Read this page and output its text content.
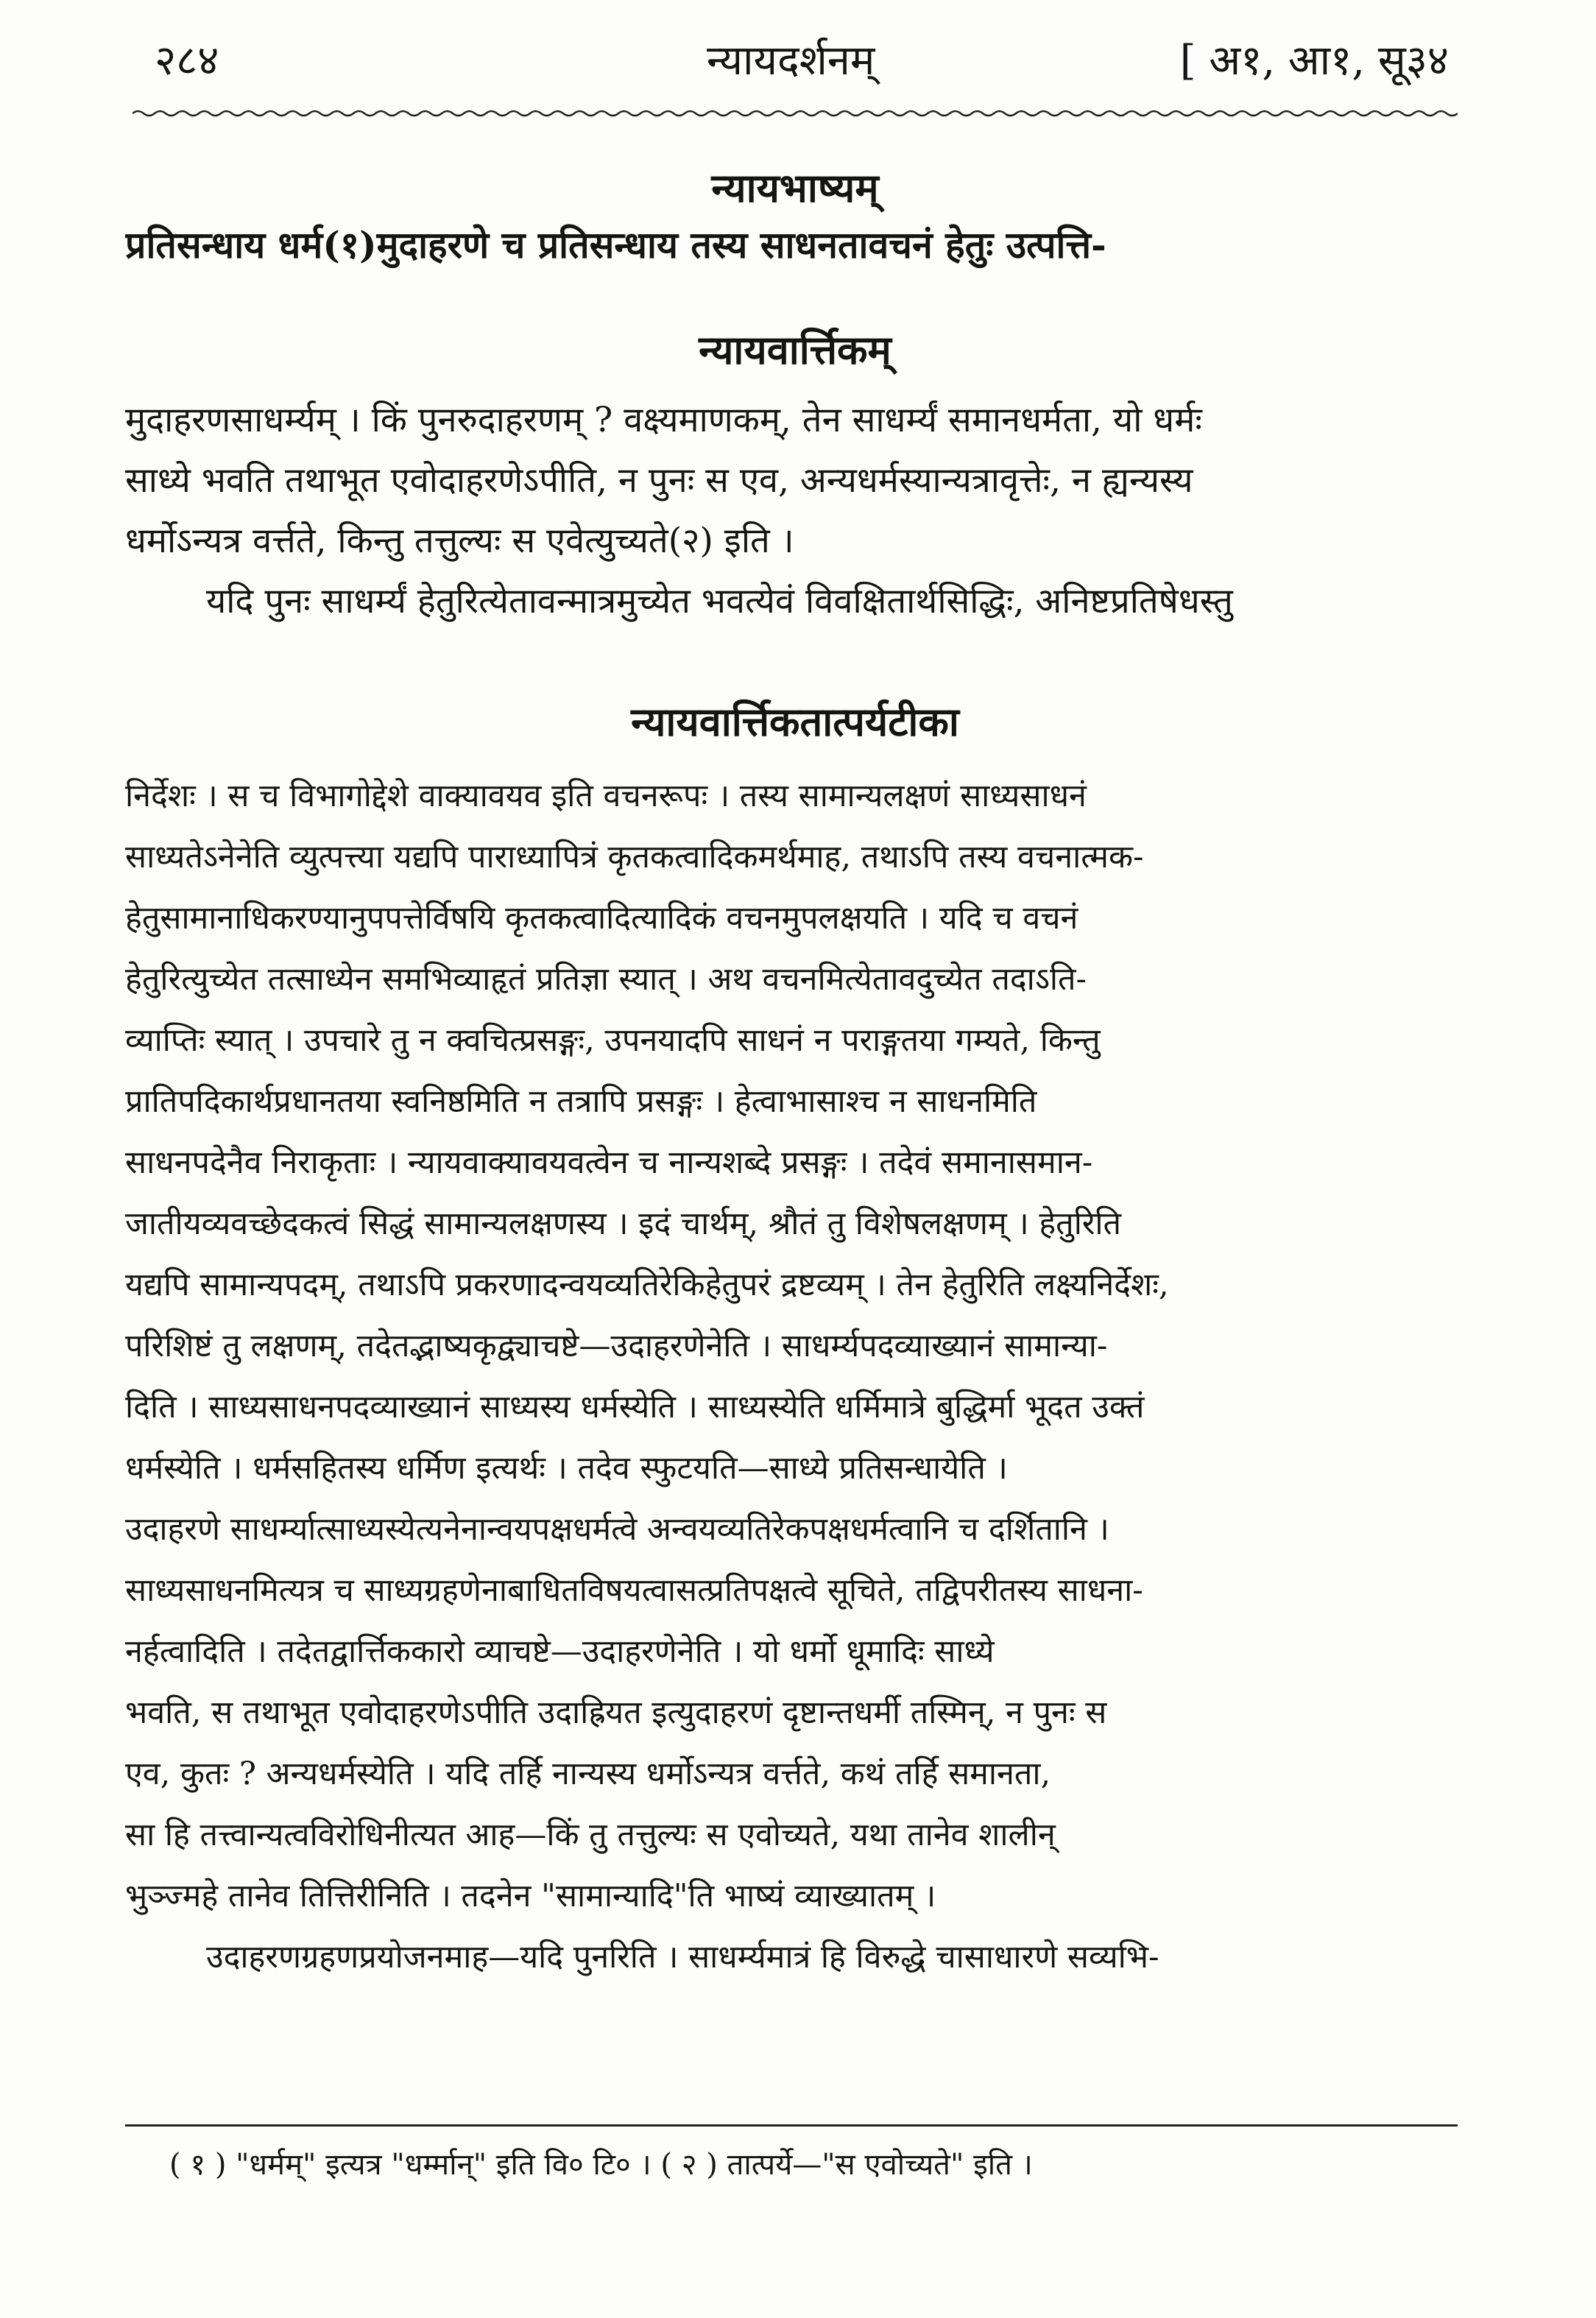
२८४	न्यायदर्शनम्	[ अ१, आ१, सू३४
न्यायभाष्यम्
प्रतिसन्धाय धर्म(१)मुदाहरणे च प्रतिसन्धाय तस्य साधनतावचनं हेतुः उत्पत्ति-
न्यायवार्त्तिकम्
मुदाहरणसाधर्म्यम् । किं पुनरुदाहरणम् ? वक्ष्यमाणकम्, तेन साधर्म्यं समानधर्मता, यो धर्मः
साध्ये भवति तथाभूत एवोदाहरणेऽपीति, न पुनः स एव, अन्यधर्मस्यान्यत्रावृत्तेः, न ह्यन्यस्य
धर्मोऽन्यत्र वर्त्तते, किन्तु तत्तुल्यः स एवेत्युच्यते(२) इति ।
यदि पुनः साधर्म्यं हेतुरित्येतावन्मात्रमुच्येत भवत्येवं विवक्षितार्थसिद्धिः, अनिष्टप्रतिषेधस्तु
न्यायवार्त्तिकतात्पर्यटीका
निर्देशः । स च विभागोद्देशे वाक्यावयव इति वचनरूपः । तस्य सामान्यलक्षणं साध्यसाधनं
साध्यतेऽनेनेति व्युत्पत्त्या यद्यपि पाराध्यापित्रं कृतकत्वादिकमर्थमाह, तथाऽपि तस्य वचनात्मक-
हेतुसामानाधिकरण्यानुपपत्तेर्विषयि कृतकत्वादित्यादिकं वचनमुपलक्षयति । यदि च वचनं
हेतुरित्युच्येत तत्साध्येन समभिव्याहृतं प्रतिज्ञा स्यात् । अथ वचनमित्येतावदुच्येत तदाऽति-
व्याप्तिः स्यात् । उपचारे तु न क्वचित्प्रसङ्गः, उपनयादपि साधनं न पराङ्गतया गम्यते, किन्तु
प्रातिपदिकार्थप्रधानतया स्वनिष्ठमिति न तत्रापि प्रसङ्गः । हेत्वाभासाश्च न साधनमिति
साधनपदेनैव निराकृताः । न्यायवाक्यावयवत्वेन च नान्यशब्दे प्रसङ्गः । तदेवं समानासमान-
जातीयव्यवच्छेदकत्वं सिद्धं सामान्यलक्षणस्य । इदं चार्थम्, श्रौतं तु विशेषलक्षणम् । हेतुरिति
यद्यपि सामान्यपदम्, तथाऽपि प्रकरणादन्वयव्यतिरेकिहेतुपरं द्रष्टव्यम् । तेन हेतुरिति लक्ष्यनिर्देशः,
परिशिष्टं तु लक्षणम्, तदेतद्भाष्यकृद्व्याचष्टे—उदाहरणेनेति । साधर्म्यपदव्याख्यानं सामान्या-
दिति । साध्यसाधनपदव्याख्यानं साध्यस्य धर्मस्येति । साध्यस्येति धर्मिमात्रे बुद्धिर्मा भूदत उक्तं
धर्मस्येति । धर्मसहितस्य धर्मिण इत्यर्थः । तदेव स्फुटयति—साध्ये प्रतिसन्धायेति ।
उदाहरणे साधर्म्यात्साध्यस्येत्यनेनान्वयपक्षधर्मत्वे अन्वयव्यतिरेकपक्षधर्मत्वानि च दर्शितानि ।
साध्यसाधनमित्यत्र च साध्यग्रहणेनाबाधितविषयत्वासत्प्रतिपक्षत्वे सूचिते, तद्विपरीतस्य साधना-
नर्हत्वादिति । तदेतद्वार्त्तिककारो व्याचष्टे—उदाहरणेनेति । यो धर्मो धूमादिः साध्ये
भवति, स तथाभूत एवोदाहरणेऽपीति उदाह्रियत इत्युदाहरणं दृष्टान्तधर्मी तस्मिन्, न पुनः स
एव, कुतः ? अन्यधर्मस्येति । यदि तर्हि नान्यस्य धर्मोऽन्यत्र वर्त्तते, कथं तर्हि समानता,
सा हि तत्त्वान्यत्वविरोधिनीत्यत आह—किं तु तत्तुल्यः स एवोच्यते, यथा तानेव शालीन्
भुञ्ज्महे तानेव तित्तिरीनिति । तदनेन "सामान्यादि"ति भाष्यं व्याख्यातम् ।
उदाहरणग्रहणप्रयोजनमाह—यदि पुनरिति । साधर्म्यमात्रं हि विरुद्धे चासाधारणे सव्यभि-
( १ ) "धर्मम्" इत्यत्र "धर्म्मान्" इति वि० टि० । ( २ ) तात्पर्ये—"स एवोच्यते" इति ।
